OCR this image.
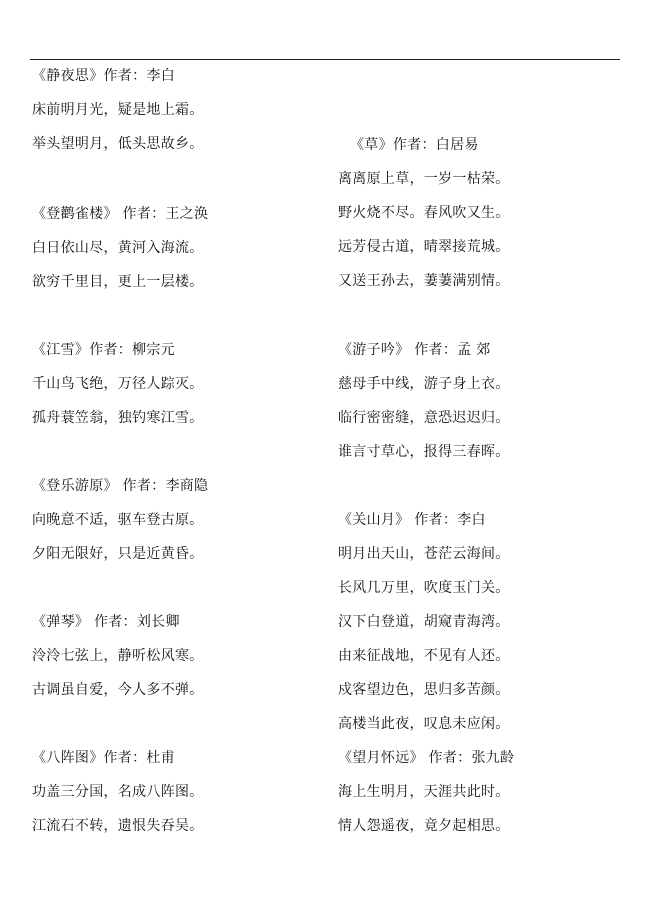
《静夜思》作者：李白
床前明月光，疑是地上霜。
举头望明月，低头思故乡。
《登鹳雀楼》 作者：王之涣
白日依山尽，黄河入海流。
欲穷千里目，更上一层楼。
《江雪》作者：柳宗元
千山鸟飞绝，万径人踪灭。
孤舟蓑笠翁，独钓寒江雪。
《登乐游原》 作者：李商隐
向晚意不适，驱车登古原。
夕阳无限好，只是近黄昏。
《弹琴》 作者：刘长卿
泠泠七弦上，静听松风寒。
古调虽自爱，今人多不弹。
《八阵图》作者：杜甫
功盖三分国，名成八阵图。
江流石不转，遗恨失吞吴。
《草》作者：白居易
离离原上草，一岁一枯荣。
野火烧不尽。春风吹又生。
远芳侵古道，晴翠接荒城。
又送王孙去，萋萋满别情。
《游子吟》 作者：孟 郊
慈母手中线，游子身上衣。
临行密密缝，意恐迟迟归。
谁言寸草心，报得三春晖。
《关山月》 作者：李白
明月出天山，苍茫云海间。
长风几万里，吹度玉门关。
汉下白登道，胡窥青海湾。
由来征战地，不见有人还。
戍客望边色，思归多苦颜。
高楼当此夜，叹息未应闲。
《望月怀远》 作者：张九龄
海上生明月，天涯共此时。
情人怨遥夜，竟夕起相思。
